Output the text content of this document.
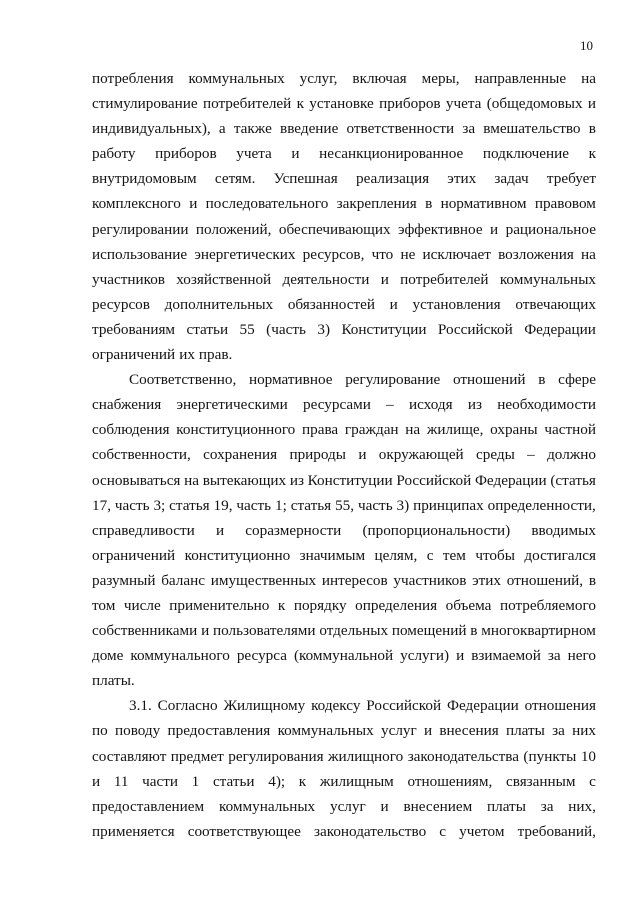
10
потребления коммунальных услуг, включая меры, направленные на
стимулирование потребителей к установке приборов учета (общедомовых и
индивидуальных), а также введение ответственности за вмешательство в
работу приборов учета и несанкционированное подключение к
внутридомовым сетям. Успешная реализация этих задач требует
комплексного и последовательного закрепления в нормативном правовом
регулировании положений, обеспечивающих эффективное и рациональное
использование энергетических ресурсов, что не исключает возложения на
участников хозяйственной деятельности и потребителей коммунальных
ресурсов дополнительных обязанностей и установления отвечающих
требованиям статьи 55 (часть 3) Конституции Российской Федерации
ограничений их прав.
Соответственно, нормативное регулирование отношений в сфере
снабжения энергетическими ресурсами – исходя из необходимости
соблюдения конституционного права граждан на жилище, охраны частной
собственности, сохранения природы и окружающей среды – должно
основываться на вытекающих из Конституции Российской Федерации (статья
17, часть 3; статья 19, часть 1; статья 55, часть 3) принципах определенности,
справедливости и соразмерности (пропорциональности) вводимых
ограничений конституционно значимым целям, с тем чтобы достигался
разумный баланс имущественных интересов участников этих отношений, в
том числе применительно к порядку определения объема потребляемого
собственниками и пользователями отдельных помещений в многоквартирном
доме коммунального ресурса (коммунальной услуги) и взимаемой за него
платы.
3.1. Согласно Жилищному кодексу Российской Федерации отношения
по поводу предоставления коммунальных услуг и внесения платы за них
составляют предмет регулирования жилищного законодательства (пункты 10
и 11 части 1 статьи 4); к жилищным отношениям, связанным с
предоставлением коммунальных услуг и внесением платы за них,
применяется соответствующее законодательство с учетом требований,
